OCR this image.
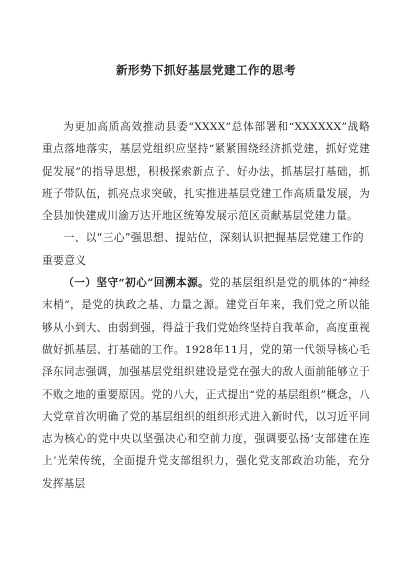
新形势下抓好基层党建工作的思考

为更加高质高效推动县委“XXXX”总体部署和“XXXXXX”战略重点落地落实，基层党组织应坚持“紧紧围绕经济抓党建，抓好党建促发展”的指导思想，积极探索新点子、好办法，抓基层打基础，抓班子带队伍，抓亮点求突破，扎实推进基层党建工作高质量发展，为全县加快建成川渝万达开地区统筹发展示范区贡献基层党建力量。

一、以“三心”强思想、提站位，深刻认识把握基层党建工作的重要意义

（一）坚守“初心”回溯本源。党的基层组织是党的肌体的“神经末梢”，是党的执政之基、力量之源。建党百年来，我们党之所以能够从小到大、由弱到强，得益于我们党始终坚持自我革命，高度重视做好抓基层、打基础的工作。1928年11月，党的第一代领导核心毛泽东同志强调，加强基层党组织建设是党在强大的敌人面前能够立于不败之地的重要原因。党的八大，正式提出“党的基层组织”概念，八大党章首次明确了党的基层组织的组织形式进入新时代，以习近平同志为核心的党中央以坚强决心和空前力度，强调要弘扬‘支部建在连上’光荣传统，全面提升党支部组织力，强化党支部政治功能，充分发挥基层
